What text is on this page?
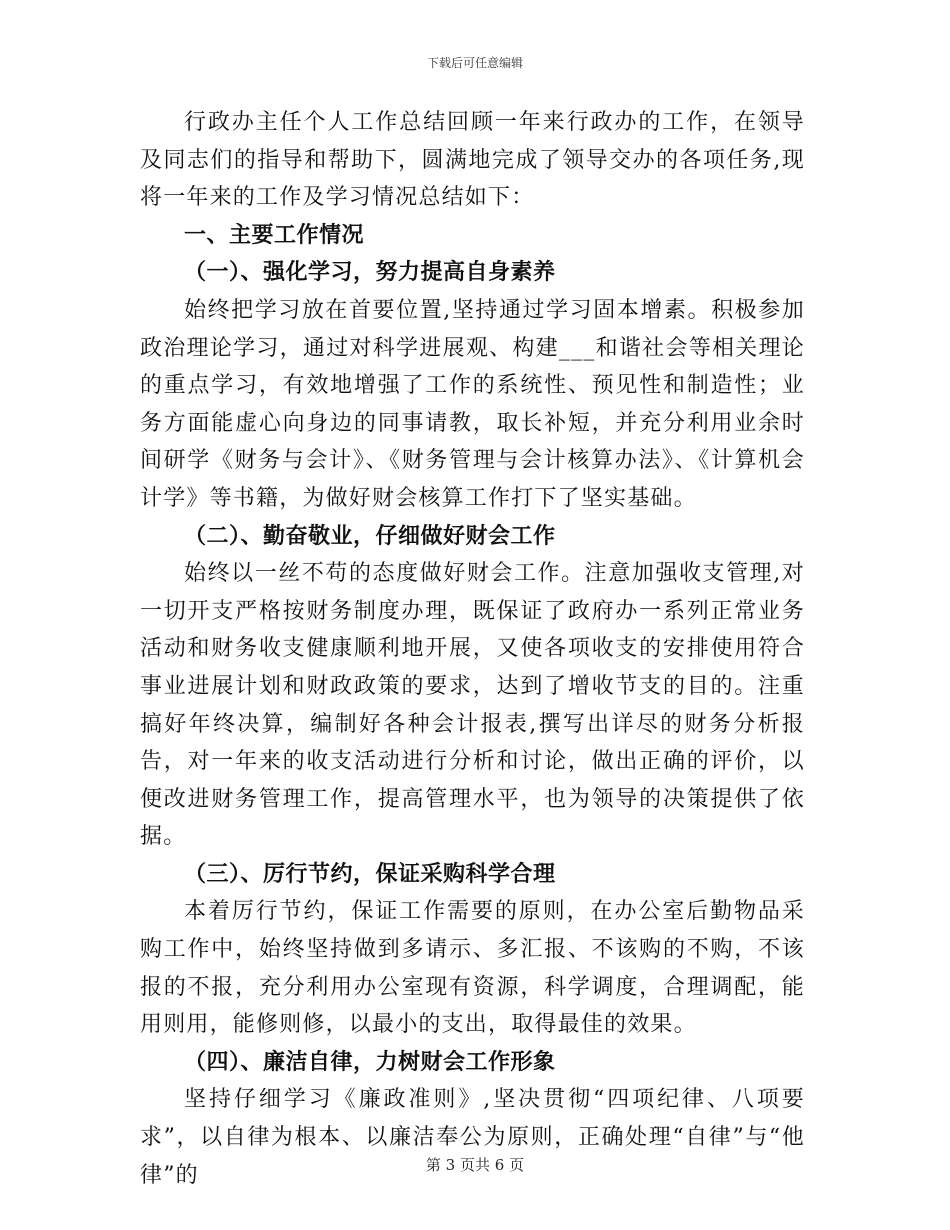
下载后可任意编辑

行政办主任个人工作总结回顾一年来行政办的工作，在领导及同志们的指导和帮助下，圆满地完成了领导交办的各项任务,现将一年来的工作及学习情况总结如下：

一、主要工作情况

（一）、强化学习，努力提高自身素养

始终把学习放在首要位置,坚持通过学习固本增素。积极参加政治理论学习，通过对科学进展观、构建___和谐社会等相关理论的重点学习，有效地增强了工作的系统性、预见性和制造性；业务方面能虚心向身边的同事请教，取长补短，并充分利用业余时间研学《财务与会计》、《财务管理与会计核算办法》、《计算机会计学》等书籍，为做好财会核算工作打下了坚实基础。

（二）、勤奋敬业，仔细做好财会工作

始终以一丝不苟的态度做好财会工作。注意加强收支管理,对一切开支严格按财务制度办理，既保证了政府办一系列正常业务活动和财务收支健康顺利地开展，又使各项收支的安排使用符合事业进展计划和财政政策的要求，达到了增收节支的目的。注重搞好年终决算，编制好各种会计报表,撰写出详尽的财务分析报告，对一年来的收支活动进行分析和讨论，做出正确的评价，以便改进财务管理工作，提高管理水平，也为领导的决策提供了依据。

（三）、厉行节约，保证采购科学合理

本着厉行节约，保证工作需要的原则，在办公室后勤物品采购工作中，始终坚持做到多请示、多汇报、不该购的不购，不该报的不报，充分利用办公室现有资源，科学调度，合理调配，能用则用，能修则修，以最小的支出，取得最佳的效果。

（四）、廉洁自律，力树财会工作形象

坚持仔细学习《廉政准则》,坚决贯彻“四项纪律、八项要求”，以自律为根本、以廉洁奉公为原则，正确处理“自律”与“他律”的	第 3 页共 6 页
